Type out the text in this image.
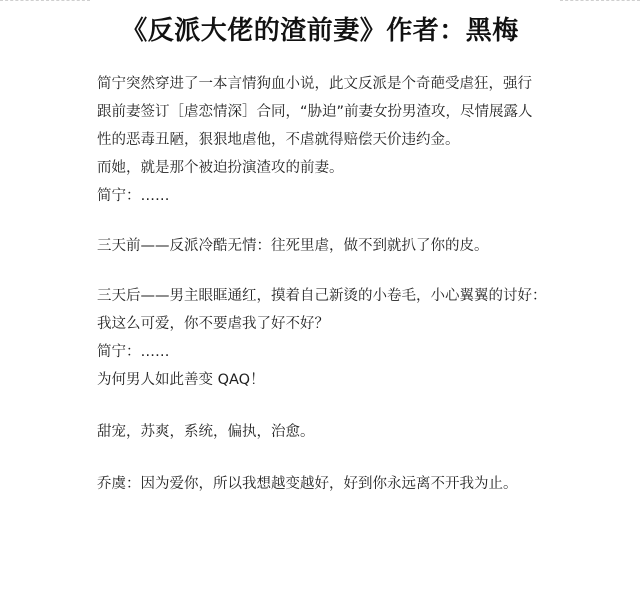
《反派大佬的渣前妻》作者：黑梅

简宁突然穿进了一本言情狗血小说，此文反派是个奇葩受虐狂，强行

跟前妻签订［虐恋情深］合同，“胁迫”前妻女扮男渣攻，尽情展露人

性的恶毒丑陋，狠狠地虐他，不虐就得赔偿天价违约金。

而她，就是那个被迫扮演渣攻的前妻。

简宁：……

三天前——反派冷酷无情：往死里虐，做不到就扒了你的皮。

三天后——男主眼眶通红，摸着自己新烫的小卷毛，小心翼翼的讨好：

我这么可爱，你不要虐我了好不好？

简宁：……

为何男人如此善变 QAQ！

甜宠，苏爽，系统，偏执，治愈。

乔虞：因为爱你，所以我想越变越好，好到你永远离不开我为止。
